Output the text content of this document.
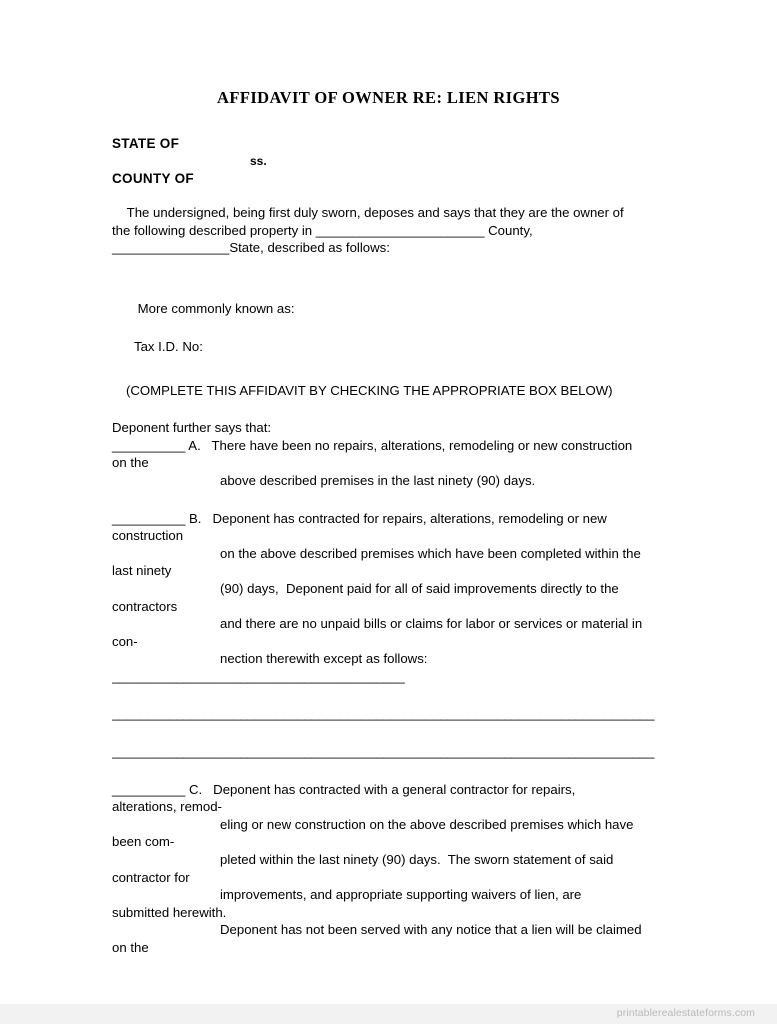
AFFIDAVIT OF OWNER RE: LIEN RIGHTS
STATE OF
ss.
COUNTY OF
The undersigned, being first duly sworn, deposes and says that they are the owner of
the following described property in _______________________ County,
________________State, described as follows:
More commonly known as:
Tax I.D. No:
(COMPLETE THIS AFFIDAVIT BY CHECKING THE APPROPRIATE BOX BELOW)
Deponent further says that:
__________ A.   There have been no repairs, alterations, remodeling or new construction
on the
above described premises in the last ninety (90) days.
__________ B.   Deponent has contracted for repairs, alterations, remodeling or new
construction
on the above described premises which have been completed within the
last ninety
(90) days,  Deponent paid for all of said improvements directly to the
contractors
and there are no unpaid bills or claims for labor or services or material in
con-
nection therewith except as follows:
_________________________________________
____________________________________________________________________________
____________________________________________________________________________
__________ C.   Deponent has contracted with a general contractor for repairs,
alterations, remod-
eling or new construction on the above described premises which have
been com-
pleted within the last ninety (90) days.  The sworn statement of said
contractor for
improvements, and appropriate supporting waivers of lien, are
submitted herewith.
Deponent has not been served with any notice that a lien will be claimed
on the
printablerealestateforms.com
